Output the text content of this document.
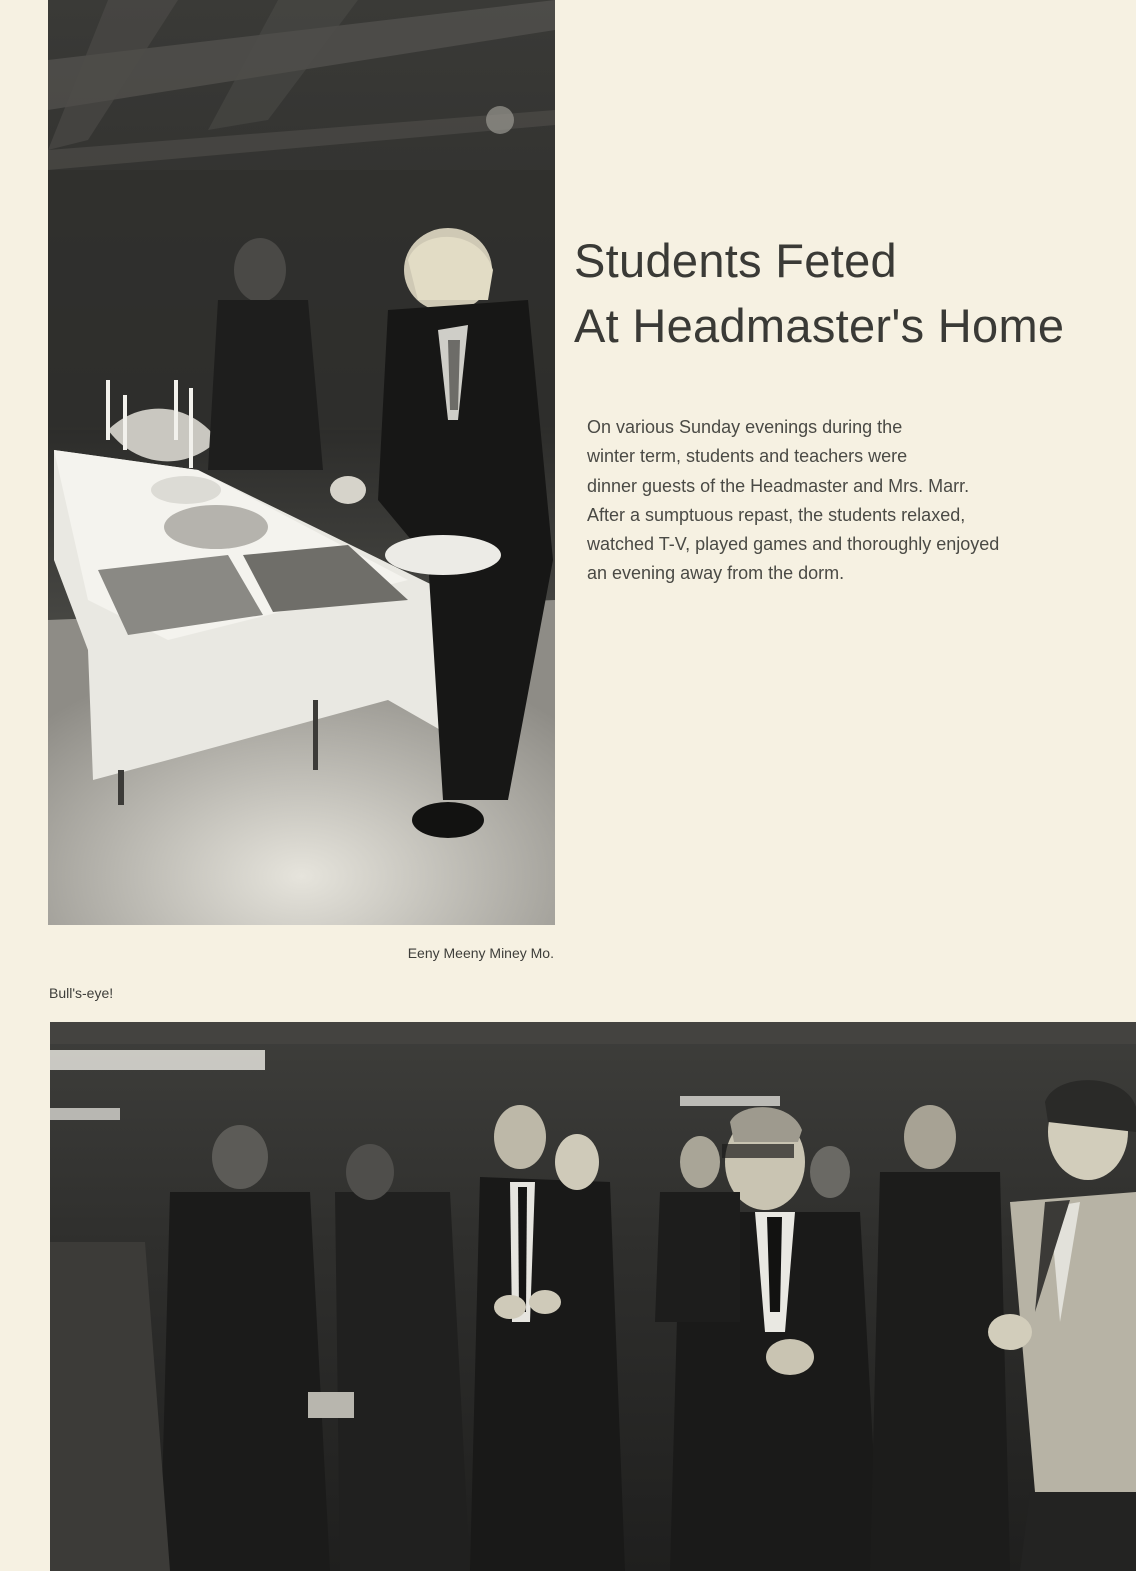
Students Feted
At Headmaster's Home
On various Sunday evenings during the
winter term, students and teachers were
dinner guests of the Headmaster and Mrs. Marr.
After a sumptuous repast, the students relaxed,
watched T-V, played games and thoroughly enjoyed
an evening away from the dorm.
Eeny Meeny Miney Mo.
Bull's-eye!
